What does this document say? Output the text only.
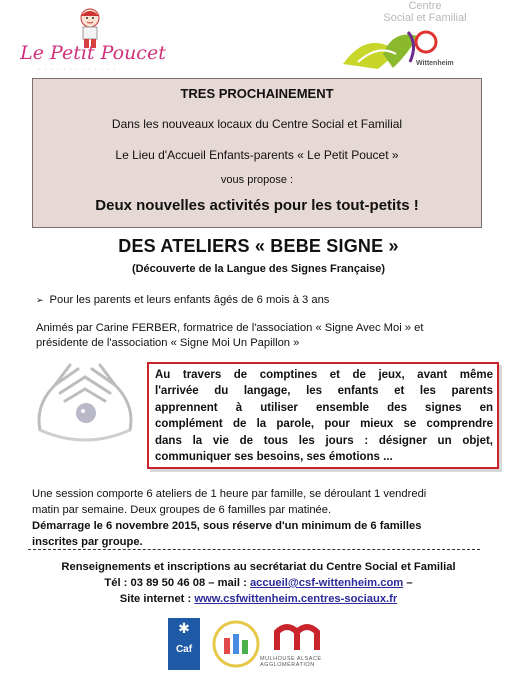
Le Petit Poucet
· · · · · · · · · · · · ·
Centre
Social et Familial
Wittenheim
TRES PROCHAINEMENT
Dans les nouveaux locaux du Centre Social et Familial
Le Lieu d'Accueil Enfants-parents « Le Petit Poucet »
vous propose :
Deux nouvelles activités pour les tout-petits !
DES ATELIERS « BEBE SIGNE »
(Découverte de la Langue des Signes Française)
➢ Pour les parents et leurs enfants âgés de 6 mois à 3 ans
Animés par Carine FERBER, formatrice de l'association « Signe Avec Moi » et
présidente de l'association « Signe Moi Un Papillon »
Au travers de comptines et de jeux, avant même
l'arrivée du langage, les enfants et les parents
apprennent à utiliser ensemble des signes en
complément de la parole, pour mieux se comprendre
dans la vie de tous les jours : désigner un objet,
communiquer ses besoins, ses émotions ...
Une session comporte 6 ateliers de 1 heure par famille, se déroulant 1 vendredi
matin par semaine. Deux groupes de 6 familles par matinée.
Démarrage le 6 novembre 2015, sous réserve d'un minimum de 6 familles
inscrites par groupe.
Renseignements et inscriptions au secrétariat du Centre Social et Familial
Tél : 03 89 50 46 08 – mail : accueil@csf-wittenheim.com –
Site internet : www.csfwittenheim.centres-sociaux.fr
✱
Caf
MULHOUSE ALSACE AGGLOMÉRATION
